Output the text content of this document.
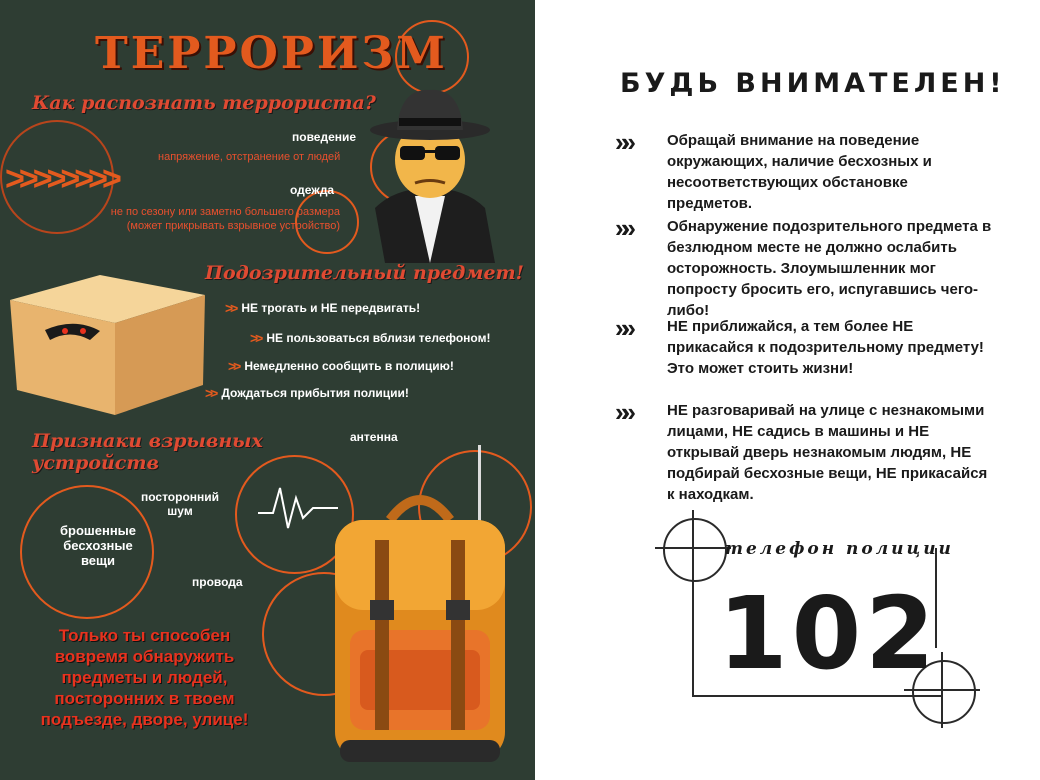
ТЕРРОРИЗМ
Как распознать террориста?
>>>>>>>>
поведение
напряжение, отстранение от людей
одежда
не по сезону или заметно большего размера (может прикрывать взрывное устройство)
Подозрительный предмет!
>> НЕ трогать и НЕ передвигать!
>> НЕ пользоваться вблизи телефоном!
>> Немедленно сообщить в полицию!
>> Дождаться прибытия полиции!
Признаки взрывных
устройств
антенна
посторонний
шум
брошенные
бесхозные
вещи
провода
Только ты способен вовремя обнаружить предметы и людей, посторонних в твоем подъезде, дворе, улице!
БУДЬ ВНИМАТЕЛЕН!
»»	Обращай внимание на поведение окружающих, наличие бесхозных и несоответствующих обстановке предметов.
»»	Обнаружение подозрительного предмета в безлюдном месте не должно ослабить осторожность. Злоумышленник мог попросту бросить его, испугавшись чего-либо!
»»	НЕ приближайся, а тем более НЕ прикасайся к подозрительному предмету! Это может стоить жизни!
»»	НЕ разговаривай на улице с незнакомыми лицами, НЕ садись в машины и НЕ открывай дверь незнакомым людям, НЕ подбирай бесхозные вещи, НЕ прикасайся к находкам.
телефон полиции
102
